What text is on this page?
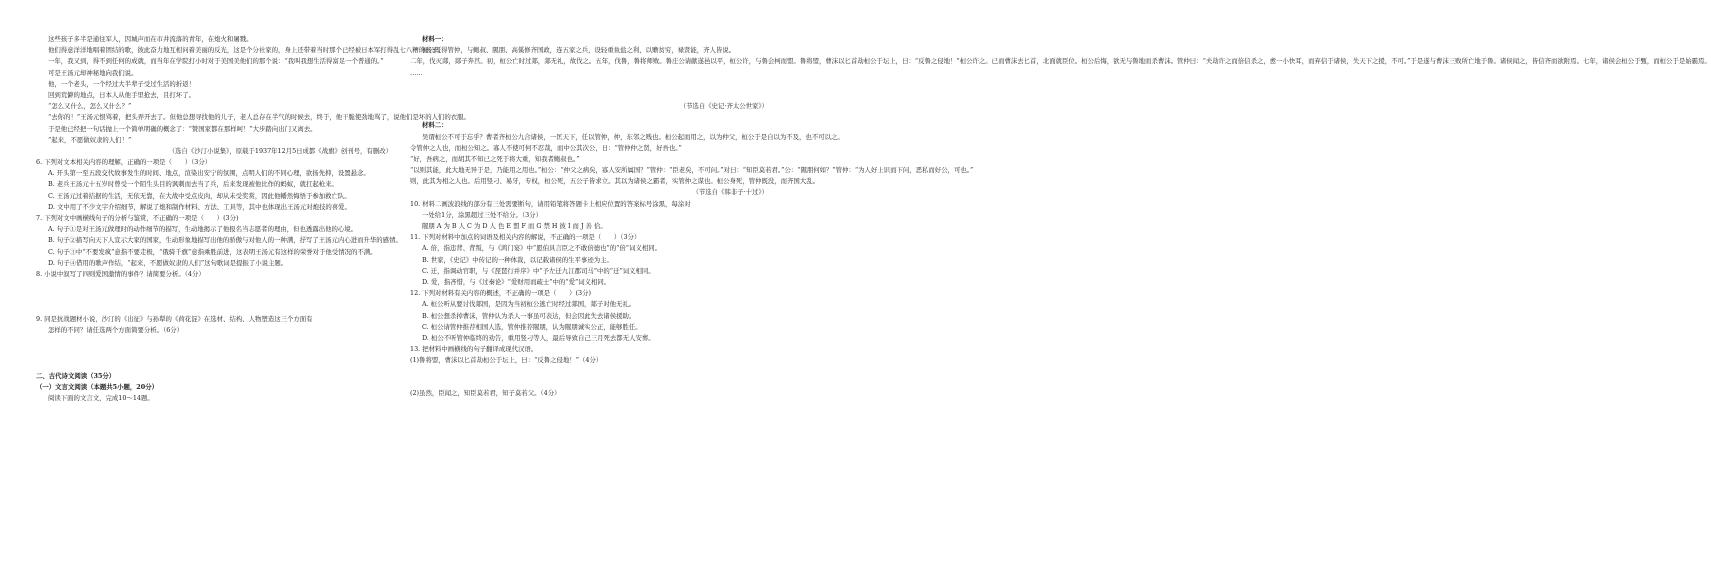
这些孩子多半是通往军人，因城声而在市井流落的青年，在炮火和屠戮。
他们得意洋洋地唱着团结的歌，彼此奋力地互相问着美丽的反光，这是个分社家的，身上还带着当时那个已经被日本军打得乱七八糟的孩子。
一年，我又到，得不到任何的成就，而当年在学院打小时对于美国美他们的那个说：“我叫我想生活得富足一个普通的。”
可是王汤元却神秘地向我们说。
他，一个老头，一个经过大半辈子受过生活的折返！
回到荒僻的地点，日本人从他手里抢去，且打坏了。
“怎么又什么，怎么又什么？”
“去你的！”王汤元恨骂着，把头弄开去了。但他总想寻找他的儿子，老人总存在半气的时候去，终于，他干脆使劲地骂了，说他们是坏的人们的衣服。
于是他已经把一句话抛上一个简单明确的概念了：“赞国家都在那样呵！”大步踏向出门又离去。
“起来，不愿做奴隶的人们！”
（选自《沙汀小说集》，原载于1937年12月5日成都《战旗》创刊号，有删改）
6. 下列对文本相关内容的理解，正确的一项是（　　）（3分）
A. 开头第一至五段交代故事发生的时间、地点，渲染出安宁的氛围，点明人们的不同心理，欲扬先抑，设置悬念。
B. 老兵王汤元十五岁时曾受一个陌生头目的讽刺而去当了兵，后来发现被他比作的蚂蚁，就扛起枪来。
C. 王汤元过着拮据的生活，无依无靠，在大战中受点皮肉，却从未受奖赏，因此他幡然悔悟于参加救亡队。
D. 文中用了不少文字介绍细节，解说了炮和制作材料、方法、工具等，其中也体现出王汤元对炮技的喜爱。
7. 下列对文中画横线句子的分析与鉴赏，不正确的一项是（　　）(3分)
A. 句子①是对王汤元做理时的动作细节的描写，生动地揭示了他报名当志愿者的理由，但也透露出他的心境。
B. 句子②描写向天下人宣示大家的国家，生动形象地描写出他的骄傲与对他人的一种满，抒写了王汤元内心进而升华的感情。
C. 句子③中“不要发疯”意指不要走极，“俄骑千旗”意指乘胜前进，这表明王汤元有这样的荣誉对于他受情况的不满。
D. 句子④借用的歌声作结，“起来，不愿做奴隶的人们”这句歌词是提振了小说主题。
8. 小说中叙写了四则爱国激情的事件？请简要分析。（4分）
9. 同是抗战题材小说，沙汀的《出征》与孙犁的《荷花淀》在选材、结构、人物塑造这三个方面有
怎样的不同？请任选两个方面简要分析。（6分）
二、古代诗文阅读（35分）
（一）文言文阅读（本题共5小题，20分）
阅读下面的文言文，完成10～14题。
材料一：
桓公既得管仲，与鲍叔、隰朋、高傒修齐国政，连五家之兵，设轻重鱼盐之利，以赡贫穷，禄贤能，齐人皆说。
二年，伐灭郯，郯子奔莒。初，桓公亡时过郯，郯无礼，故伐之。五年，伐鲁，鲁将师败。鲁庄公请献遂邑以平，桓公许，与鲁会柯而盟。鲁将盟，曹沫以匕首劫桓公于坛上，曰：“反鲁之侵地！”桓公许之。已而曹沫去匕首，北面就臣位。桓公后悔，欲无与鲁地而杀曹沫。管仲曰：“夫劫许之而倍信杀之，愈一小快耳，而弃信于诸侯，失天下之援，不可。”于是遂与曹沫三败所亡地于鲁。诸侯闻之，皆信齐而欲附焉。七年，诸侯会桓公于甄，而桓公于是始霸焉。
……
（节选自《史记·齐太公世家》）
材料二：
吴谓桓公不可于忘乎？曹者齐桓公九合诸侯，一匡天下，任以管仲，仲，东邻之贱也。桓公起而用之，以为仲父，桓公于是自以为不及，也不可以之。
令管仲之人也，而桓公知之。寡人不使可何不忍哉，而中公其次公，日：“管仲仲之贤，好吾也。”
“好，吾病之，而胡其不知已之死于将大重，知我者鲍叔也。”
“以则其能，此大地无异于是，乃能用之用也。”桓公：“仲父之病矣，寡人安所属国？”管仲：“臣老矣，不可问。”对曰：“知臣莫若君。”公：“隰朋何如？”管仲：“为人好上识而下问，恶私而好公，可也。”
则，此其为相之人也。后用竖刁、易牙，专权，桓公死，五公子皆求立。其以为诸侯之霸者，实管仲之谋也。桓公身死，管仲既没，而齐国大乱。
（节选自《韩非子·十过》）
10. 材料二画波浪线的部分有三处需要断句，请用铅笔将答题卡上相应位置的答案标号涂黑，每涂对
一处给1分，涂黑超过三处不给分。（3分）
隰朋 A 为 B 人 C 为 D 人 色 E 盟 F 而 G 禁 H 彼 I 而 J 善 佮。
11. 下列对材料中加点的词语及相关内容的解说，不正确的一项是（　　）（3分）
A. 倍，指违背、背叛，与《鸿门宴》中“愿伯具言臣之不敢倍德也”的“倍”词义相同。
B. 世家，《史记》中传记的一种体裁，以记载诸侯的生平事迹为主。
C. 迁，指调动官职，与《琵琶行并序》中“予左迁九江郡司马”中的“迁”词义相同。
D. 爱，指吝惜，与《过秦论》“爱财用而疏士”中的“爱”词义相同。
12. 下列对材料有关内容的概述，不正确的一项是（　　）(3分)
A. 桓公听从要讨伐郯国，是因为当初桓公逃亡时经过郯国，郯子对他无礼。
B. 桓公想杀掉曹沫，管仲认为杀人一事虽可表达，但会因此失去诸侯援助。
C. 桓公请管仲推荐相国人选，管仲推荐隰朋，认为隰朋诚实公正，能够胜任。
D. 桓公不听管仲临终的劝告，重用竖刁等人，最后导致自己三月死去都无人安葬。
13. 把材料中画横线的句子翻译成现代汉语。
(1)鲁将盟，曹沫以匕首劫桓公于坛上，曰：“反鲁之侵地！”（4分）
(2)虽然，臣闻之，知臣莫若君，知子莫若父。（4分）
